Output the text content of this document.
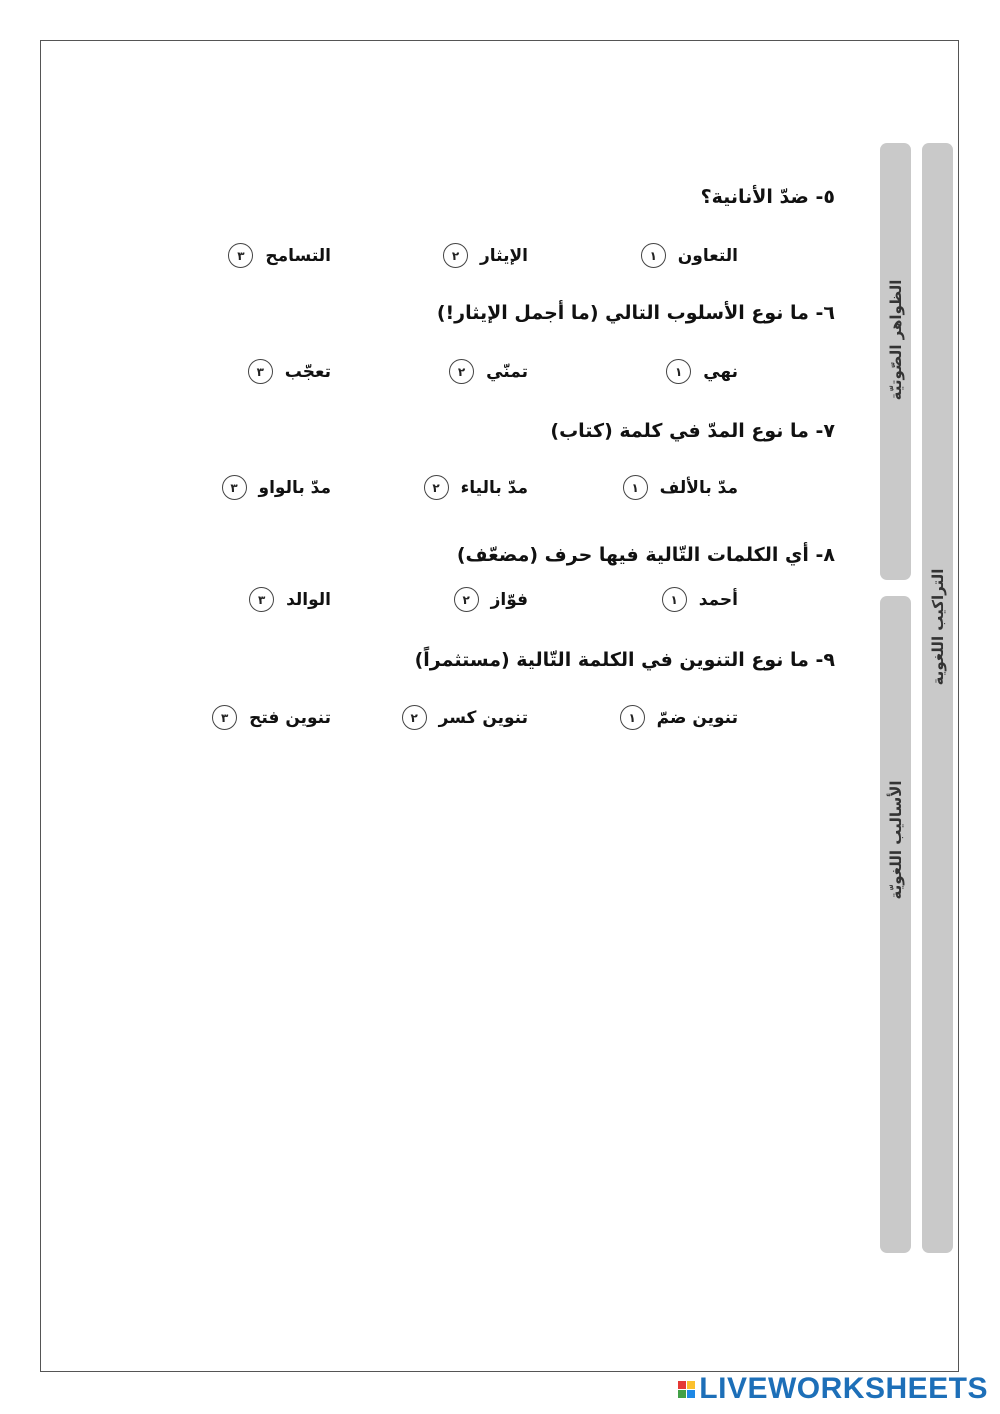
التراكيب اللغوية
الظواهر الصّوتيّة
الأساليب اللغويّة
٥- ضدّ الأنانية؟
١	التعاون
٢	الإيثار
٣	التسامح
٦- ما نوع الأسلوب التالي (ما أجمل الإيثار!)
١	نهي
٢	تمنّي
٣	تعجّب
٧- ما نوع المدّ في كلمة (كتاب)
١	مدّ بالألف
٢	مدّ بالياء
٣	مدّ بالواو
٨- أي الكلمات التّالية فيها حرف (مضعّف)
١	أحمد
٢	فوّاز
٣	الوالد
٩- ما نوع التنوين في الكلمة التّالية (مستثمراً)
١	تنوين ضمّ
٢	تنوين كسر
٣	تنوين فتح
LIVEWORKSHEETS
